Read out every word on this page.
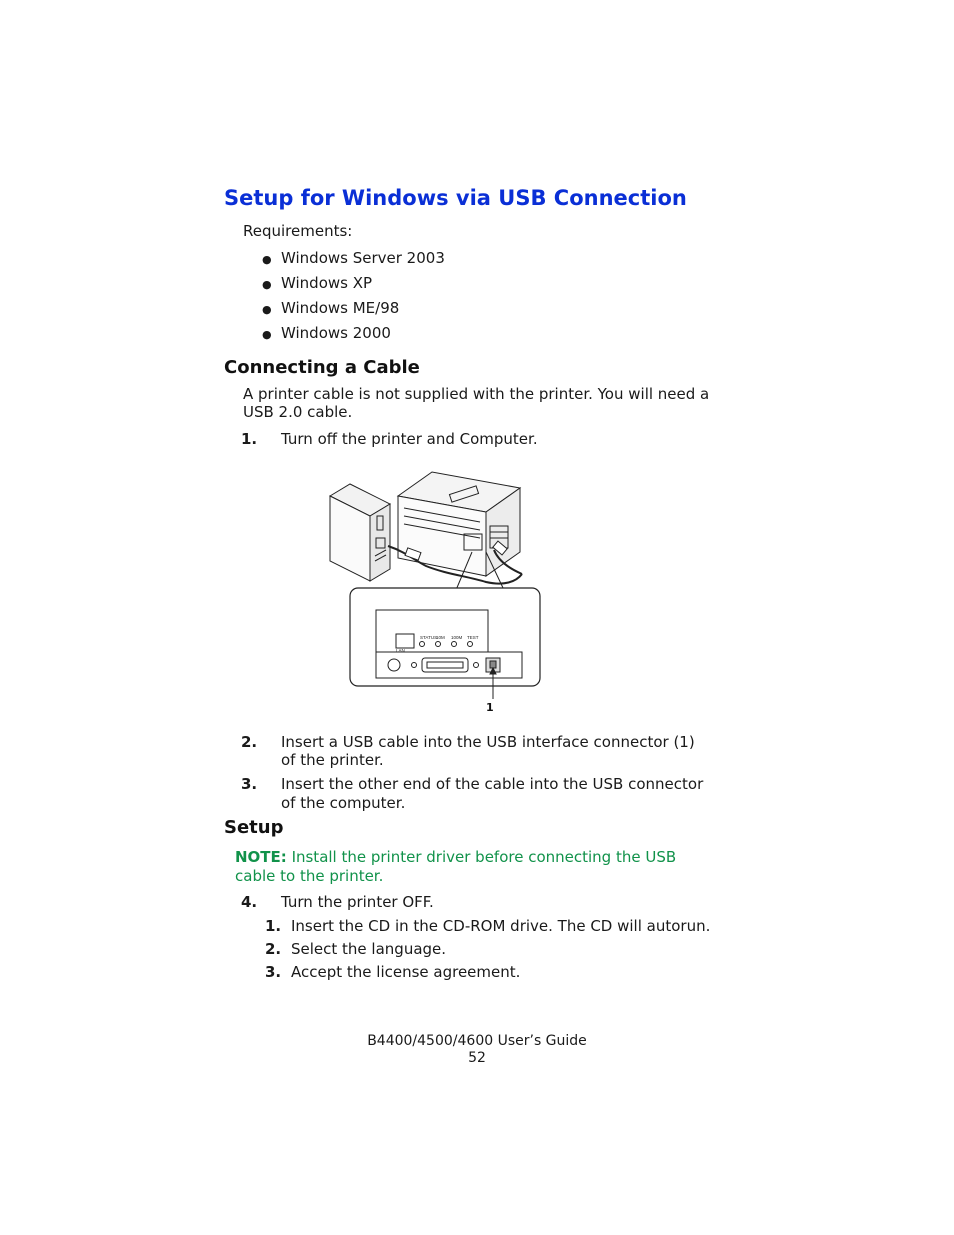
Setup for Windows via USB Connection
Requirements:
● Windows Server 2003
● Windows XP
● Windows ME/98
● Windows 2000
Connecting a Cable
A printer cable is not supplied with the printer. You will need a
USB 2.0 cable.
1. Turn off the printer and Computer.
STATUS
10M 100M TEST
LAN
1
2. Insert a USB cable into the USB interface connector (1)
of the printer.
3. Insert the other end of the cable into the USB connector
of the computer.
Setup
NOTE: Install the printer driver before connecting the USB
cable to the printer.
4. Turn the printer OFF.
1. Insert the CD in the CD-ROM drive. The CD will autorun.
2. Select the language.
3. Accept the license agreement.
B4400/4500/4600 User’s Guide
52
